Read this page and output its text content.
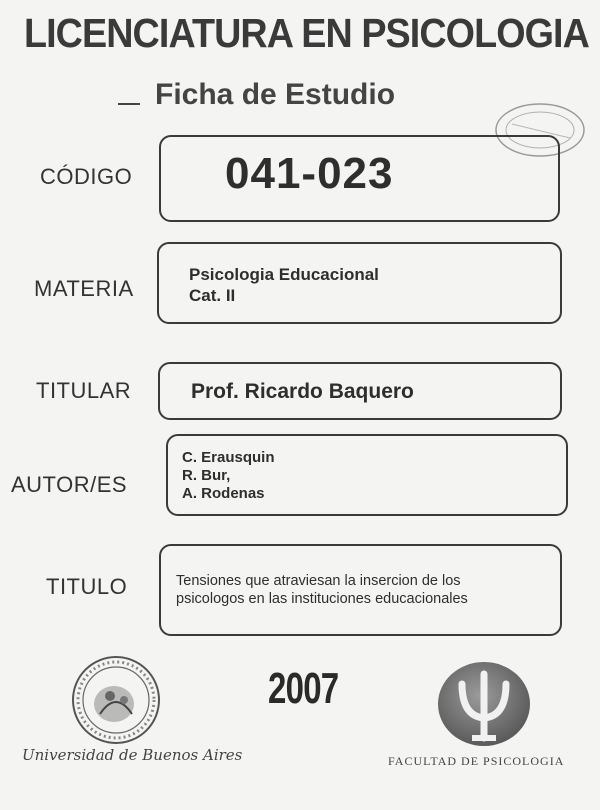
LICENCIATURA EN PSICOLOGIA
Ficha de Estudio
CÓDIGO 041-023
MATERIA
Psicologia Educacional
Cat. II
TITULAR	Prof. Ricardo Baquero
AUTOR/ES
C. Erausquin
R. Bur,
A. Rodenas
TITULO	Tensiones que atraviesan la insercion de los
psicologos en las instituciones educacionales
Universidad de Buenos Aires
2007
FACULTAD DE PSICOLOGIA
